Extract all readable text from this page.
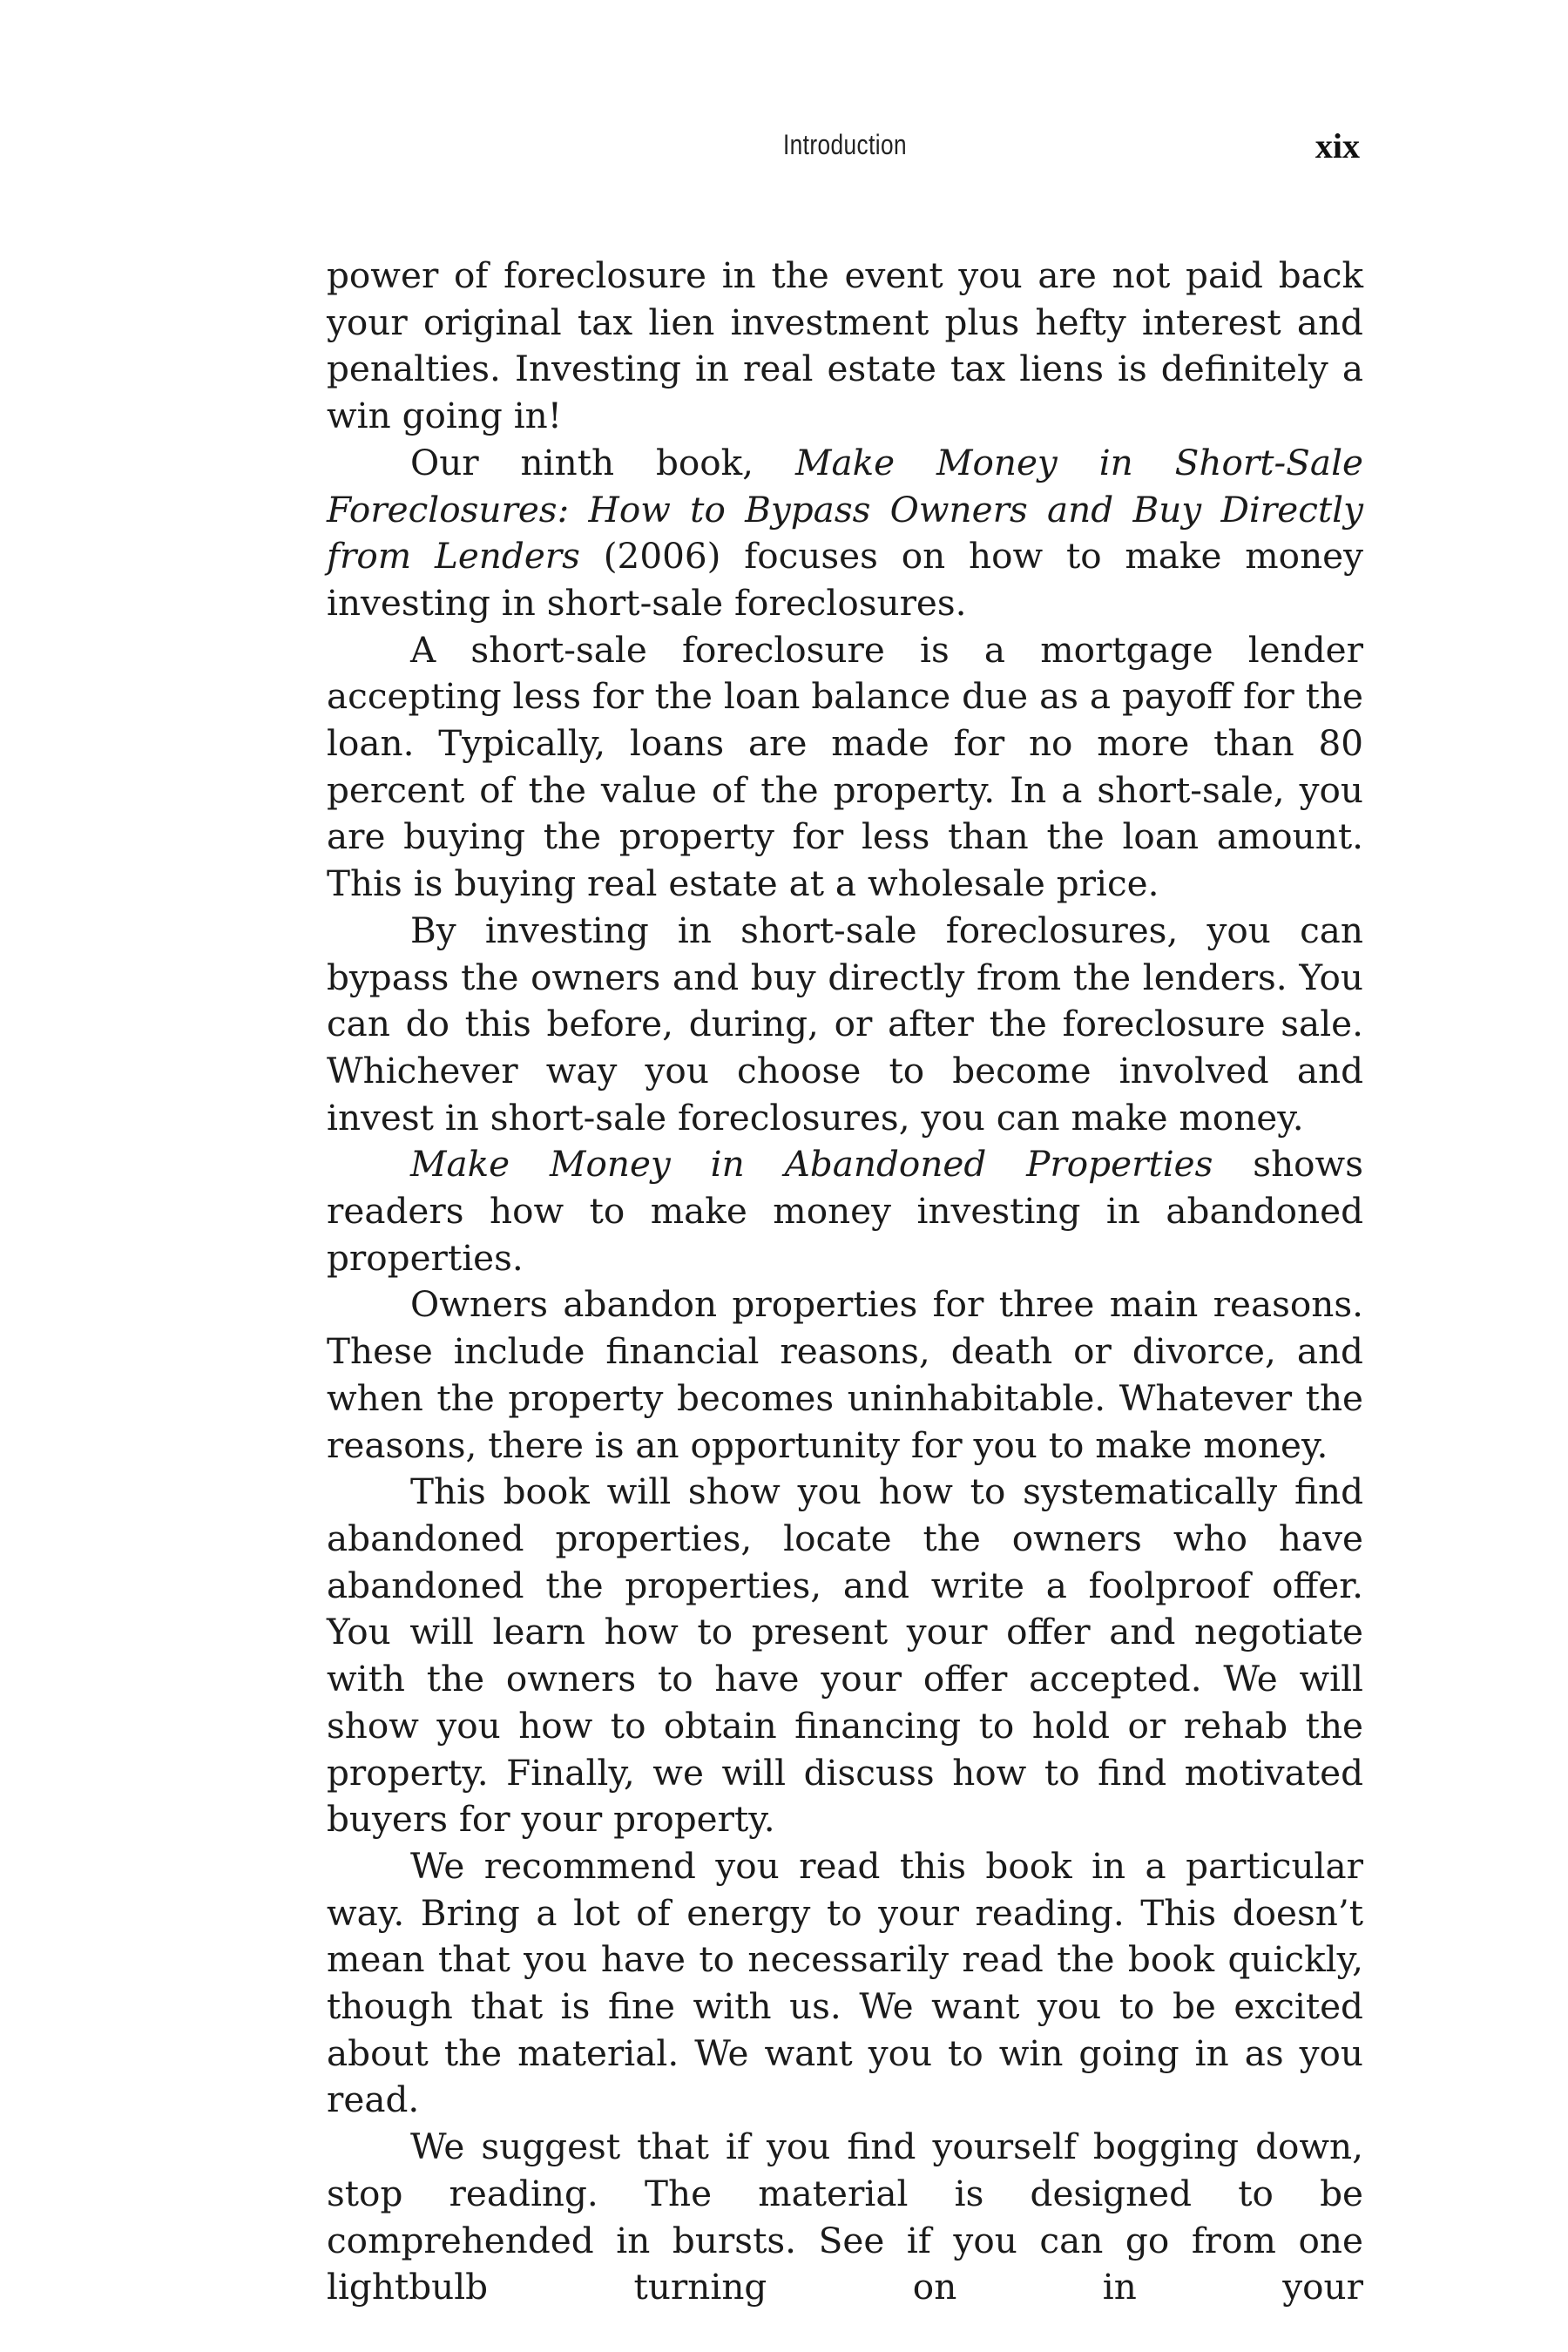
Introduction	xix

power of foreclosure in the event you are not paid back your original tax lien investment plus hefty interest and penalties. Investing in real estate tax liens is definitely a win going in!

Our ninth book, Make Money in Short-Sale Foreclosures: How to Bypass Owners and Buy Directly from Lenders (2006) focuses on how to make money investing in short-sale foreclosures.

A short-sale foreclosure is a mortgage lender accepting less for the loan balance due as a payoff for the loan. Typically, loans are made for no more than 80 percent of the value of the property. In a short-sale, you are buying the property for less than the loan amount. This is buying real estate at a wholesale price.

By investing in short-sale foreclosures, you can bypass the owners and buy directly from the lenders. You can do this before, during, or after the foreclosure sale. Whichever way you choose to become involved and invest in short-sale foreclosures, you can make money.

Make Money in Abandoned Properties shows readers how to make money investing in abandoned properties.

Owners abandon properties for three main reasons. These include financial reasons, death or divorce, and when the property becomes uninhabitable. Whatever the reasons, there is an opportunity for you to make money.

This book will show you how to systematically find abandoned properties, locate the owners who have abandoned the properties, and write a foolproof offer. You will learn how to present your offer and negotiate with the owners to have your offer accepted. We will show you how to obtain financing to hold or rehab the property. Finally, we will discuss how to find motivated buyers for your property.

We recommend you read this book in a particular way. Bring a lot of energy to your reading. This doesn’t mean that you have to necessarily read the book quickly, though that is fine with us. We want you to be excited about the material. We want you to win going in as you read.

We suggest that if you find yourself bogging down, stop reading. The material is designed to be comprehended in bursts. See if you can go from one lightbulb turning on in your
